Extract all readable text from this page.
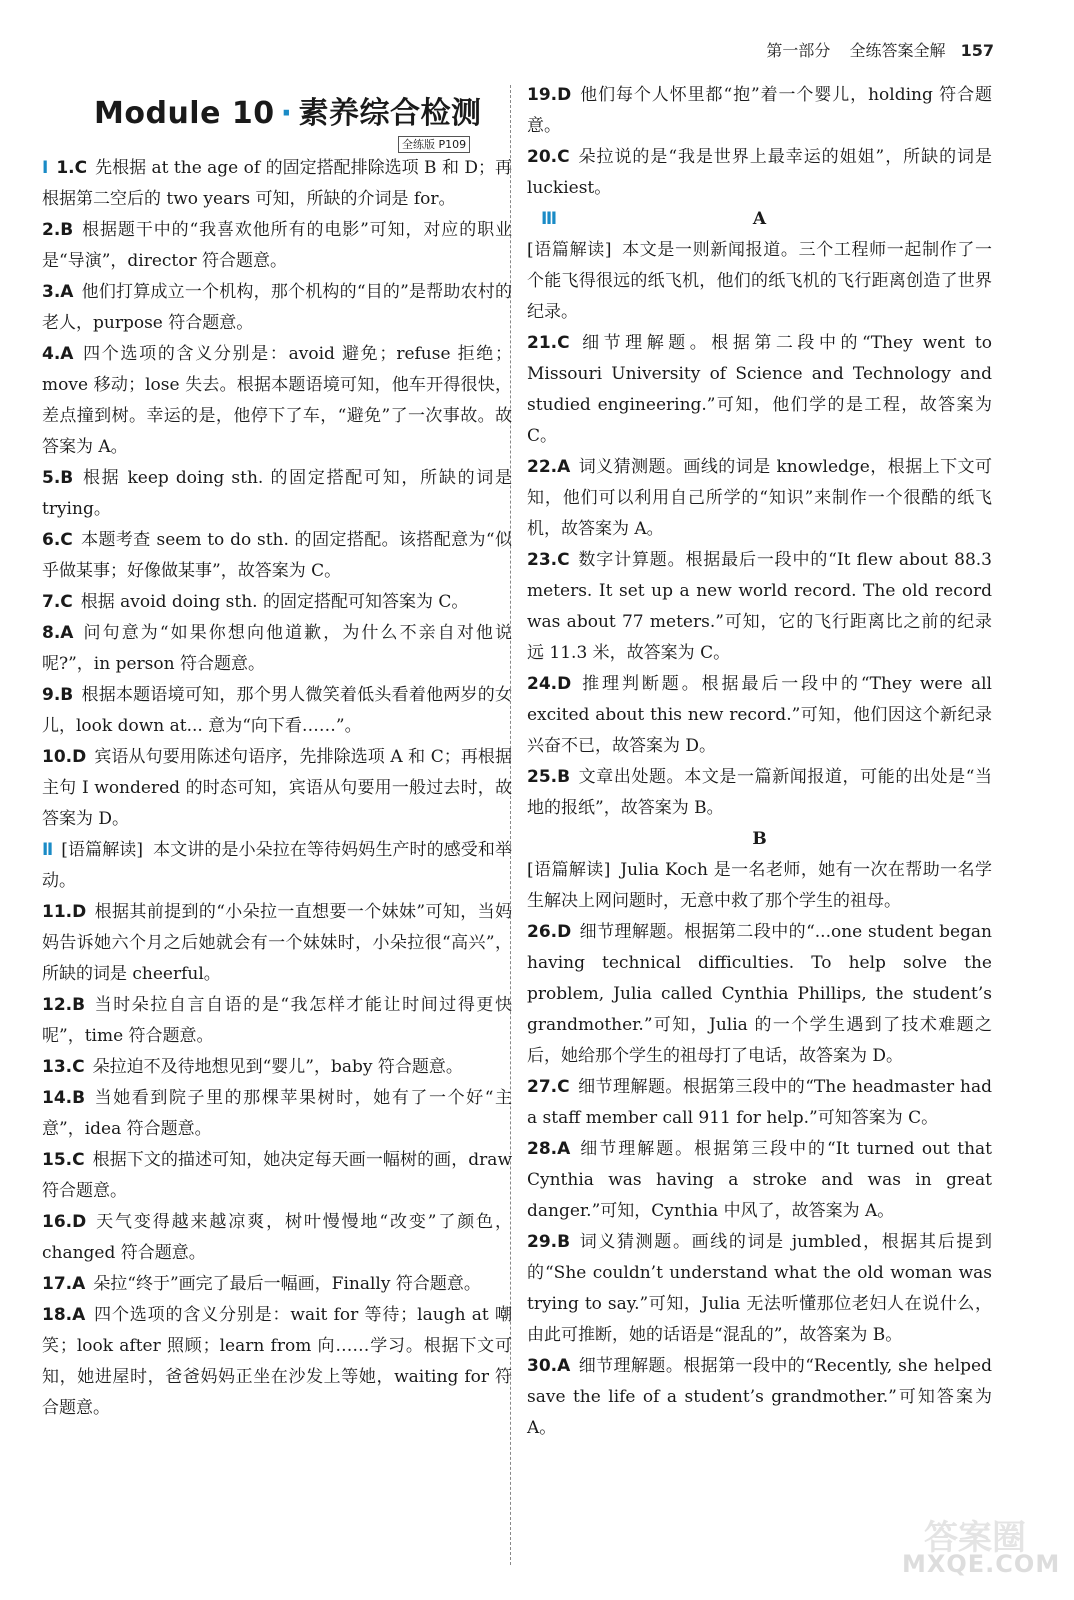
第一部分 全练答案全解 157
Module 10 · 素养综合检测
全练版 P109
Ⅰ 1.C 先根据 at the age of 的固定搭配排除选项 B 和 D；再根据第二空后的 two years 可知，所缺的介词是 for。
2.B 根据题干中的“我喜欢他所有的电影”可知，对应的职业是“导演”，director 符合题意。
3.A 他们打算成立一个机构，那个机构的“目的”是帮助农村的老人，purpose 符合题意。
4.A 四个选项的含义分别是：avoid 避免；refuse 拒绝；move 移动；lose 失去。根据本题语境可知，他车开得很快，差点撞到树。幸运的是，他停下了车，“避免”了一次事故。故答案为 A。
5.B 根据 keep doing sth. 的固定搭配可知，所缺的词是 trying。
6.C 本题考查 seem to do sth. 的固定搭配。该搭配意为“似乎做某事；好像做某事”，故答案为 C。
7.C 根据 avoid doing sth. 的固定搭配可知答案为 C。
8.A 问句意为“如果你想向他道歉，为什么不亲自对他说呢?”，in person 符合题意。
9.B 根据本题语境可知，那个男人微笑着低头看着他两岁的女儿，look down at... 意为“向下看……”。
10.D 宾语从句要用陈述句语序，先排除选项 A 和 C；再根据主句 I wondered 的时态可知，宾语从句要用一般过去时，故答案为 D。
Ⅱ [语篇解读] 本文讲的是小朵拉在等待妈妈生产时的感受和举动。
11.D 根据其前提到的“小朵拉一直想要一个妹妹”可知，当妈妈告诉她六个月之后她就会有一个妹妹时，小朵拉很“高兴”，所缺的词是 cheerful。
12.B 当时朵拉自言自语的是“我怎样才能让时间过得更快呢”，time 符合题意。
13.C 朵拉迫不及待地想见到“婴儿”，baby 符合题意。
14.B 当她看到院子里的那棵苹果树时，她有了一个好“主意”，idea 符合题意。
15.C 根据下文的描述可知，她决定每天画一幅树的画，draw 符合题意。
16.D 天气变得越来越凉爽，树叶慢慢地“改变”了颜色，changed 符合题意。
17.A 朵拉“终于”画完了最后一幅画，Finally 符合题意。
18.A 四个选项的含义分别是：wait for 等待；laugh at 嘲笑；look after 照顾；learn from 向……学习。根据下文可知，她进屋时，爸爸妈妈正坐在沙发上等她，waiting for 符合题意。
19.D 他们每个人怀里都“抱”着一个婴儿，holding 符合题意。
20.C 朵拉说的是“我是世界上最幸运的姐姐”，所缺的词是 luckiest。
Ⅲ	A
[语篇解读] 本文是一则新闻报道。三个工程师一起制作了一个能飞得很远的纸飞机，他们的纸飞机的飞行距离创造了世界纪录。
21.C 细节理解题。根据第二段中的“They went to Missouri University of Science and Technology and studied engineering.”可知，他们学的是工程，故答案为 C。
22.A 词义猜测题。画线的词是 knowledge，根据上下文可知，他们可以利用自己所学的“知识”来制作一个很酷的纸飞机，故答案为 A。
23.C 数字计算题。根据最后一段中的“It flew about 88.3 meters. It set up a new world record. The old record was about 77 meters.”可知，它的飞行距离比之前的纪录远 11.3 米，故答案为 C。
24.D 推理判断题。根据最后一段中的“They were all excited about this new record.”可知，他们因这个新纪录兴奋不已，故答案为 D。
25.B 文章出处题。本文是一篇新闻报道，可能的出处是“当地的报纸”，故答案为 B。
B
[语篇解读] Julia Koch 是一名老师，她有一次在帮助一名学生解决上网问题时，无意中救了那个学生的祖母。
26.D 细节理解题。根据第二段中的“...one student began having technical difficulties. To help solve the problem, Julia called Cynthia Phillips, the student’s grandmother.”可知，Julia 的一个学生遇到了技术难题之后，她给那个学生的祖母打了电话，故答案为 D。
27.C 细节理解题。根据第三段中的“The headmaster had a staff member call 911 for help.”可知答案为 C。
28.A 细节理解题。根据第三段中的“It turned out that Cynthia was having a stroke and was in great danger.”可知，Cynthia 中风了，故答案为 A。
29.B 词义猜测题。画线的词是 jumbled，根据其后提到的“She couldn’t understand what the old woman was trying to say.”可知，Julia 无法听懂那位老妇人在说什么，由此可推断，她的话语是“混乱的”，故答案为 B。
30.A 细节理解题。根据第一段中的“Recently, she helped save the life of a student’s grandmother.”可知答案为 A。
答案圈
MXQE.COM
